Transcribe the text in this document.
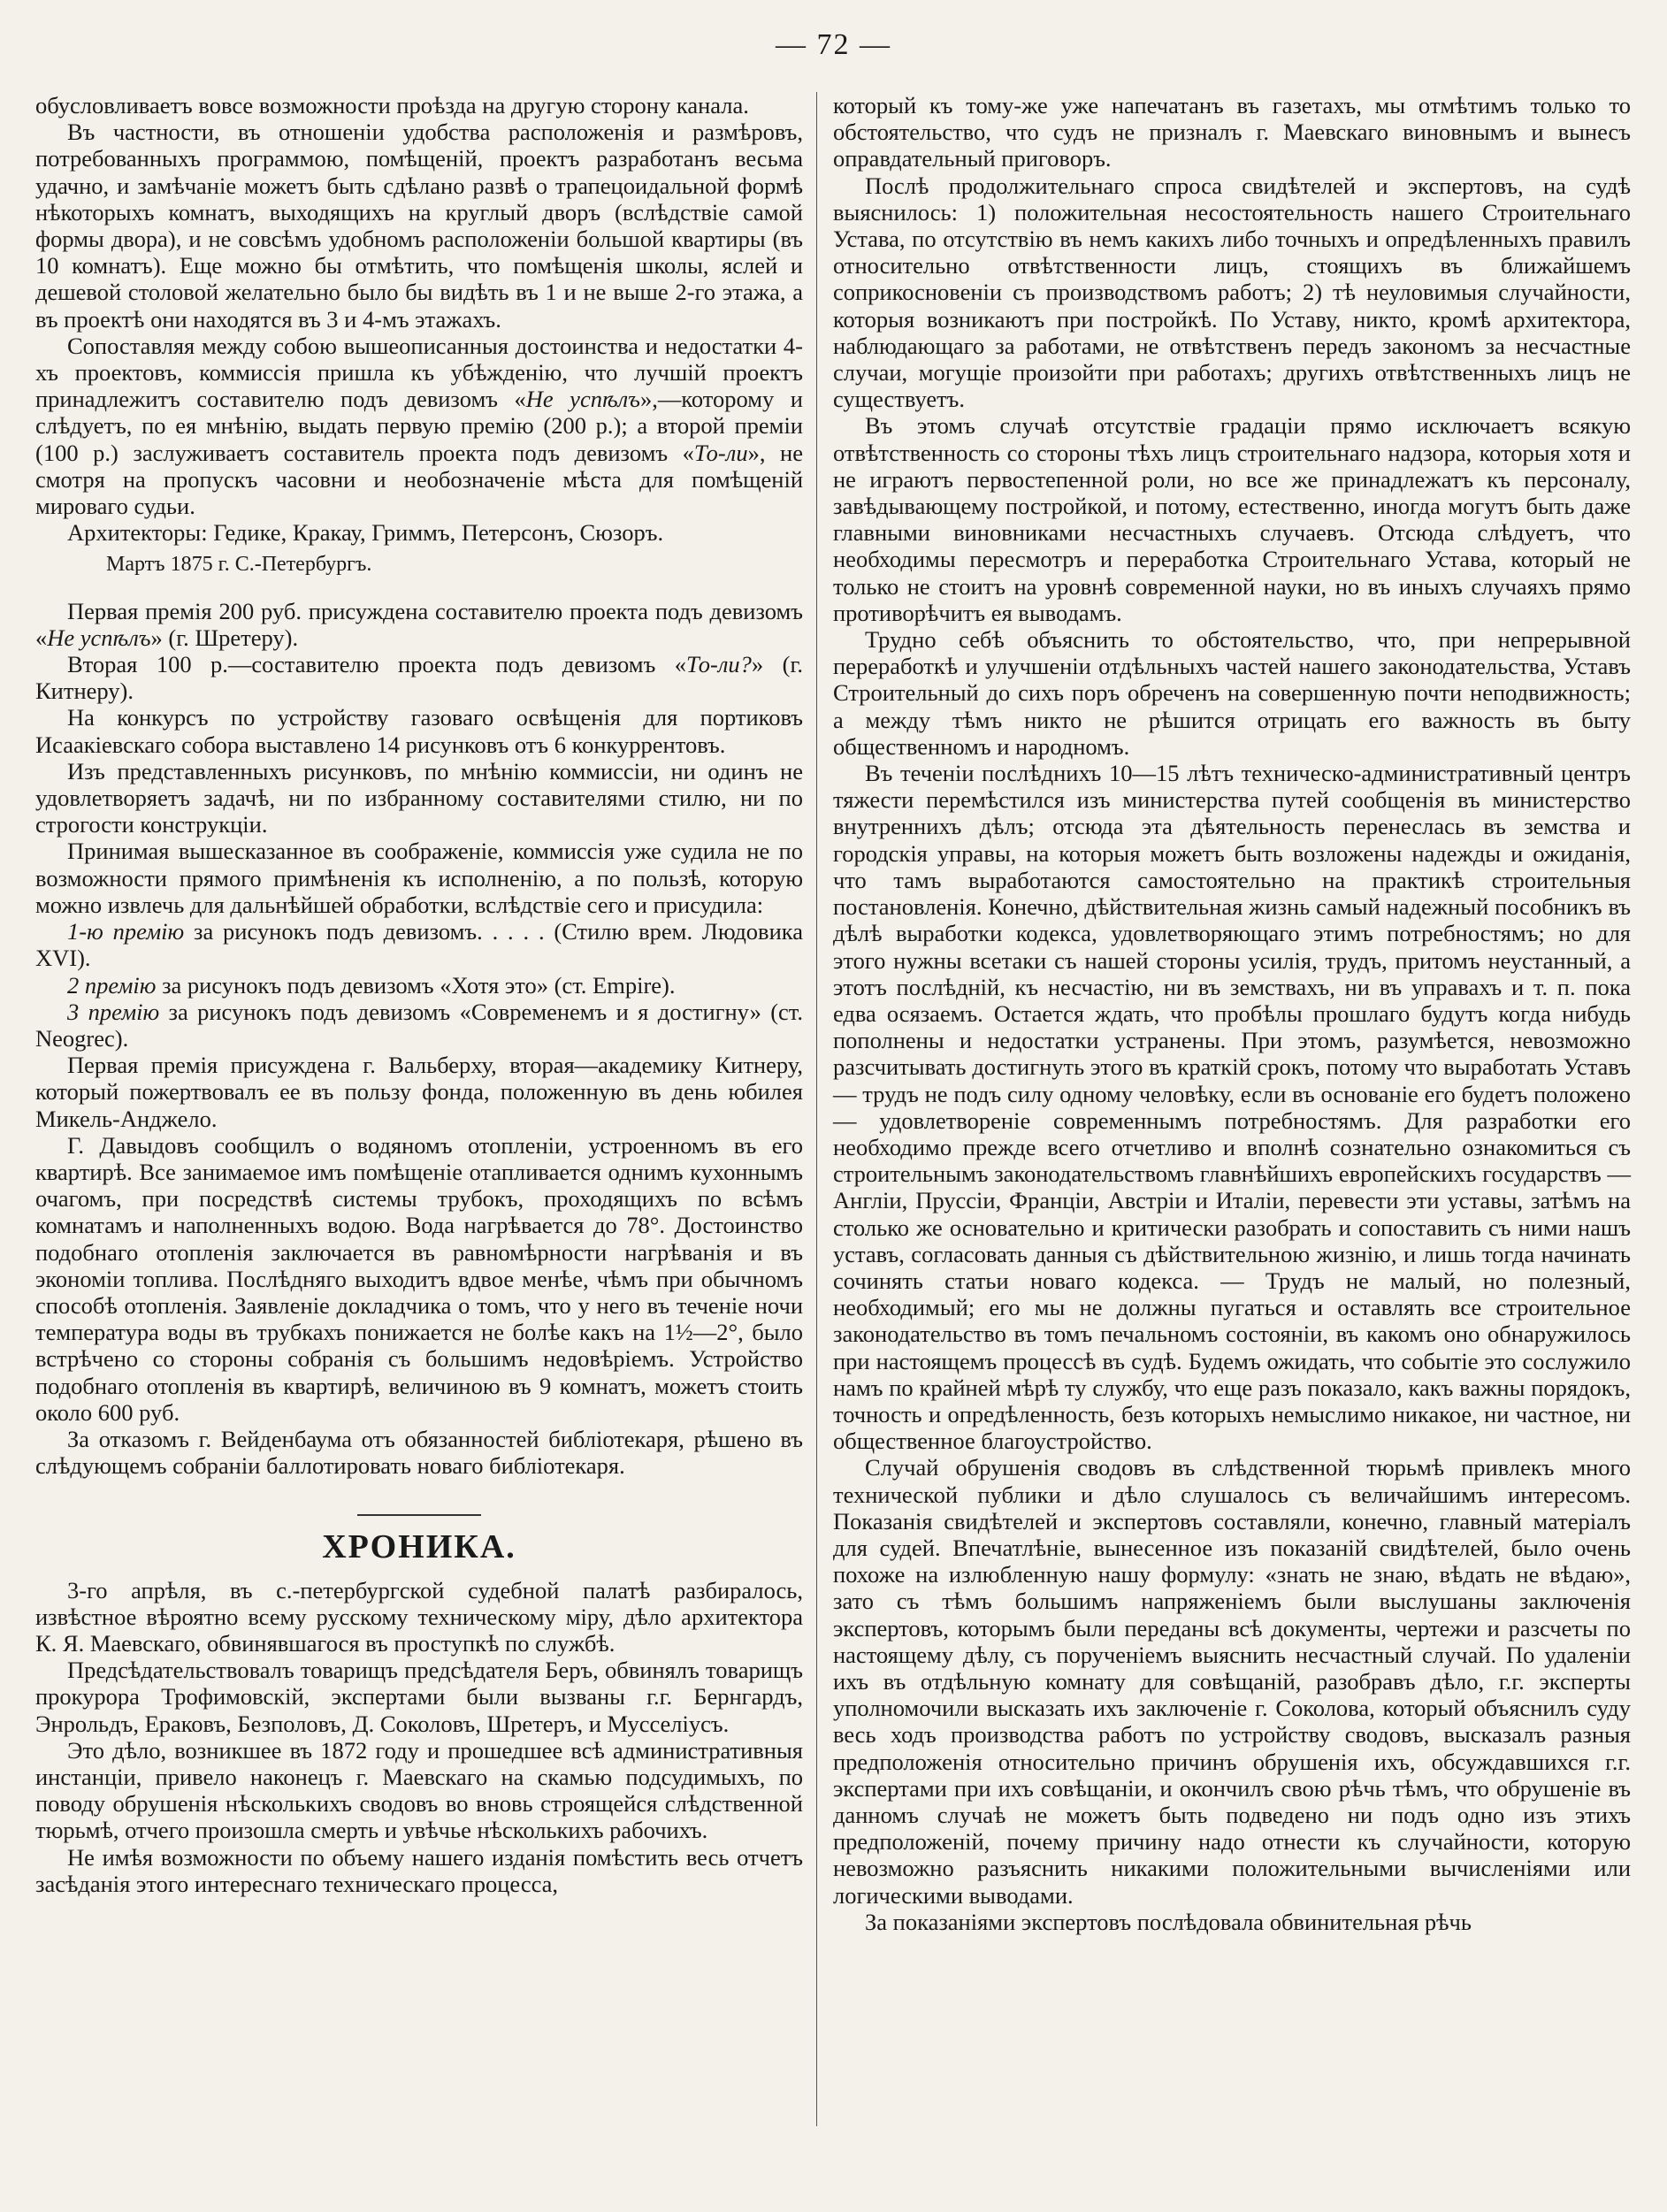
— 72 —

обусловливаетъ вовсе возможности проѣзда на другую сторону канала.

Въ частности, въ отношеніи удобства расположенія и размѣровъ, потребованныхъ программою, помѣщеній, проектъ разработанъ весьма удачно, и замѣчаніе можетъ быть сдѣлано развѣ о трапецоидальной формѣ нѣкоторыхъ комнатъ, выходящихъ на круглый дворъ (вслѣдствіе самой формы двора), и не совсѣмъ удобномъ расположеніи большой квартиры (въ 10 комнатъ). Еще можно бы отмѣтить, что помѣщенія школы, яслей и дешевой столовой желательно было бы видѣть въ 1 и не выше 2-го этажа, а въ проектѣ они находятся въ 3 и 4-мъ этажахъ.

Сопоставляя между собою вышеописанныя достоинства и недостатки 4-хъ проектовъ, коммиссія пришла къ убѣжденію, что лучшій проектъ принадлежитъ составителю подъ девизомъ «Не успѣлъ»,—которому и слѣдуетъ, по ея мнѣнію, выдать первую премію (200 р.); а второй преміи (100 р.) заслуживаетъ составитель проекта подъ девизомъ «То-ли», не смотря на пропускъ часовни и необозначеніе мѣста для помѣщеній мироваго судьи.

Архитекторы: Гедике, Кракау, Гриммъ, Петерсонъ, Сюзоръ.

Мартъ 1875 г. С.-Петербургъ.

Первая премія 200 руб. присуждена составителю проекта подъ девизомъ «Не успѣлъ» (г. Шретеру).

Вторая 100 р.—составителю проекта подъ девизомъ «То-ли?» (г. Китнеру).

На конкурсъ по устройству газоваго освѣщенія для портиковъ Исаакіевскаго собора выставлено 14 рисунковъ отъ 6 конкуррентовъ.

Изъ представленныхъ рисунковъ, по мнѣнію коммиссіи, ни одинъ не удовлетворяетъ задачѣ, ни по избранному составителями стилю, ни по строгости конструкціи.

Принимая вышесказанное въ соображеніе, коммиссія уже судила не по возможности прямого примѣненія къ исполненію, а по пользѣ, которую можно извлечь для дальнѣйшей обработки, вслѣдствіе сего и присудила:

1-ю премію за рисунокъ подъ девизомъ. . . . . (Стилю врем. Людовика XVI).

2 премію за рисунокъ подъ девизомъ «Хотя это» (ст. Empire).

3 премію за рисунокъ подъ девизомъ «Современемъ и я достигну» (ст. Neogrec).

Первая премія присуждена г. Вальберху, вторая—академику Китнеру, который пожертвовалъ ее въ пользу фонда, положенную въ день юбилея Микель-Анджело.

Г. Давыдовъ сообщилъ о водяномъ отопленіи, устроенномъ въ его квартирѣ. Все занимаемое имъ помѣщеніе отапливается однимъ кухоннымъ очагомъ, при посредствѣ системы трубокъ, проходящихъ по всѣмъ комнатамъ и наполненныхъ водою. Вода нагрѣвается до 78°. Достоинство подобнаго отопленія заключается въ равномѣрности нагрѣванія и въ экономіи топлива. Послѣдняго выходитъ вдвое менѣе, чѣмъ при обычномъ способѣ отопленія. Заявленіе докладчика о томъ, что у него въ теченіе ночи температура воды въ трубкахъ понижается не болѣе какъ на 1½—2°, было встрѣчено со стороны собранія съ большимъ недовѣріемъ. Устройство подобнаго отопленія въ квартирѣ, величиною въ 9 комнатъ, можетъ стоить около 600 руб.

За отказомъ г. Вейденбаума отъ обязанностей библіотекаря, рѣшено въ слѣдующемъ собраніи баллотировать новаго библіотекаря.

ХРОНИКА.

3-го апрѣля, въ с.-петербургской судебной палатѣ разбиралось, извѣстное вѣроятно всему русскому техническому міру, дѣло архитектора К. Я. Маевскаго, обвинявшагося въ проступкѣ по службѣ.

Предсѣдательствовалъ товарищъ предсѣдателя Беръ, обвинялъ товарищъ прокурора Трофимовскій, экспертами были вызваны г.г. Бернгардъ, Энрольдъ, Ераковъ, Безполовъ, Д. Соколовъ, Шретеръ, и Мусселіусъ.

Это дѣло, возникшее въ 1872 году и прошедшее всѣ административныя инстанціи, привело наконецъ г. Маевскаго на скамью подсудимыхъ, по поводу обрушенія нѣсколькихъ сводовъ во вновь строящейся слѣдственной тюрьмѣ, отчего произошла смерть и увѣчье нѣсколькихъ рабочихъ.

Не имѣя возможности по объему нашего изданія помѣстить весь отчетъ засѣданія этого интереснаго техническаго процесса,

который къ тому-же уже напечатанъ въ газетахъ, мы отмѣтимъ только то обстоятельство, что судъ не призналъ г. Маевскаго виновнымъ и вынесъ оправдательный приговоръ.

Послѣ продолжительнаго спроса свидѣтелей и экспертовъ, на судѣ выяснилось: 1) положительная несостоятельность нашего Строительнаго Устава, по отсутствію въ немъ какихъ либо точныхъ и опредѣленныхъ правилъ относительно отвѣтственности лицъ, стоящихъ въ ближайшемъ соприкосновеніи съ производствомъ работъ; 2) тѣ неуловимыя случайности, которыя возникаютъ при постройкѣ. По Уставу, никто, кромѣ архитектора, наблюдающаго за работами, не отвѣтственъ передъ закономъ за несчастные случаи, могущіе произойти при работахъ; другихъ отвѣтственныхъ лицъ не существуетъ.

Въ этомъ случаѣ отсутствіе градаціи прямо исключаетъ всякую отвѣтственность со стороны тѣхъ лицъ строительнаго надзора, которыя хотя и не играютъ первостепенной роли, но все же принадлежатъ къ персоналу, завѣдывающему постройкой, и потому, естественно, иногда могутъ быть даже главными виновниками несчастныхъ случаевъ. Отсюда слѣдуетъ, что необходимы пересмотръ и переработка Строительнаго Устава, который не только не стоитъ на уровнѣ современной науки, но въ иныхъ случаяхъ прямо противорѣчитъ ея выводамъ.

Трудно себѣ объяснить то обстоятельство, что, при непрерывной переработкѣ и улучшеніи отдѣльныхъ частей нашего законодательства, Уставъ Строительный до сихъ поръ обреченъ на совершенную почти неподвижность; а между тѣмъ никто не рѣшится отрицать его важность въ быту общественномъ и народномъ.

Въ теченіи послѣднихъ 10—15 лѣтъ техническо-административный центръ тяжести перемѣстился изъ министерства путей сообщенія въ министерство внутреннихъ дѣлъ; отсюда эта дѣятельность перенеслась въ земства и городскія управы, на которыя можетъ быть возложены надежды и ожиданія, что тамъ выработаются самостоятельно на практикѣ строительныя постановленія. Конечно, дѣйствительная жизнь самый надежный пособникъ въ дѣлѣ выработки кодекса, удовлетворяющаго этимъ потребностямъ; но для этого нужны всетаки съ нашей стороны усилія, трудъ, притомъ неустанный, а этотъ послѣдній, къ несчастію, ни въ земствахъ, ни въ управахъ и т. п. пока едва осязаемъ. Остается ждать, что пробѣлы прошлаго будутъ когда нибудь пополнены и недостатки устранены. При этомъ, разумѣется, невозможно разсчитывать достигнуть этого въ краткій срокъ, потому что выработать Уставъ — трудъ не подъ силу одному человѣку, если въ основаніе его будетъ положено — удовлетвореніе современнымъ потребностямъ. Для разработки его необходимо прежде всего отчетливо и вполнѣ сознательно ознакомиться съ строительнымъ законодательствомъ главнѣйшихъ европейскихъ государствъ — Англіи, Пруссіи, Франціи, Австріи и Италіи, перевести эти уставы, затѣмъ на столько же основательно и критически разобрать и сопоставить съ ними нашъ уставъ, согласовать данныя съ дѣйствительною жизнію, и лишь тогда начинать сочинять статьи новаго кодекса. — Трудъ не малый, но полезный, необходимый; его мы не должны пугаться и оставлять все строительное законодательство въ томъ печальномъ состояніи, въ какомъ оно обнаружилось при настоящемъ процессѣ въ судѣ. Будемъ ожидать, что событіе это сослужило намъ по крайней мѣрѣ ту службу, что еще разъ показало, какъ важны порядокъ, точность и опредѣленность, безъ которыхъ немыслимо никакое, ни частное, ни общественное благоустройство.

Случай обрушенія сводовъ въ слѣдственной тюрьмѣ привлекъ много технической публики и дѣло слушалось съ величайшимъ интересомъ. Показанія свидѣтелей и экспертовъ составляли, конечно, главный матеріалъ для судей. Впечатлѣніе, вынесенное изъ показаній свидѣтелей, было очень похоже на излюбленную нашу формулу: «знать не знаю, вѣдать не вѣдаю», зато съ тѣмъ большимъ напряженіемъ были выслушаны заключенія экспертовъ, которымъ были переданы всѣ документы, чертежи и разсчеты по настоящему дѣлу, съ порученіемъ выяснить несчастный случай. По удаленіи ихъ въ отдѣльную комнату для совѣщаній, разобравъ дѣло, г.г. эксперты уполномочили высказать ихъ заключеніе г. Соколова, который объяснилъ суду весь ходъ производства работъ по устройству сводовъ, высказалъ разныя предположенія относительно причинъ обрушенія ихъ, обсуждавшихся г.г. экспертами при ихъ совѣщаніи, и окончилъ свою рѣчь тѣмъ, что обрушеніе въ данномъ случаѣ не можетъ быть подведено ни подъ одно изъ этихъ предположеній, почему причину надо отнести къ случайности, которую невозможно разъяснить никакими положительными вычисленіями или логическими выводами.

За показаніями экспертовъ послѣдовала обвинительная рѣчь
